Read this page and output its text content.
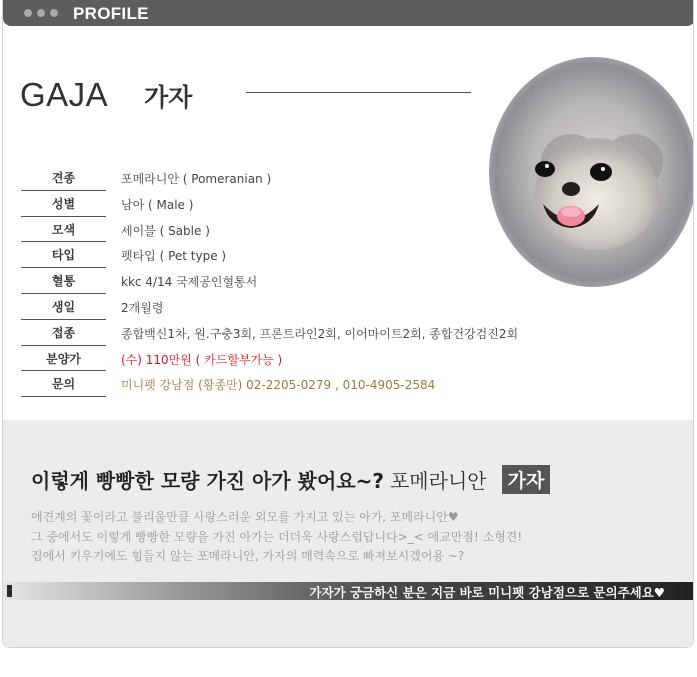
PROFILE
GAJA 가자
견종	포메라니안 ( Pomeranian )
성별	남아 ( Male )
모색	세이블 ( Sable )
타입	펫타입 ( Pet type )
혈통	kkc 4/14 국제공인혈통서
생일	2개월령
접종	종합백신1차, 원.구충3회, 프론트라인2회, 이어마이트2회, 종합건강검진2회
분양가	(수) 110만원 ( 카드할부가능 )
문의	미니펫 강남점 (황종만) 02-2205-0279 , 010-4905-2584
이렇게 빵빵한 모량 가진 아가 봤어요~? 포메라니안	가자
애견계의 꽃이라고 불리울만큼 사랑스러운 외모를 가지고 있는 아가, 포메라니안♥
그 중에서도 이렇게 빵빵한 모량을 가진 아가는 더더욱 사랑스럽답니다>_< 애교만점! 소형견!
집에서 키우기에도 힘들지 않는 포메라니안, 가자의 매력속으로 빠져보시겠어용 ~?
가자가 궁금하신 분은 지금 바로 미니펫 강남점으로 문의주세요♥
